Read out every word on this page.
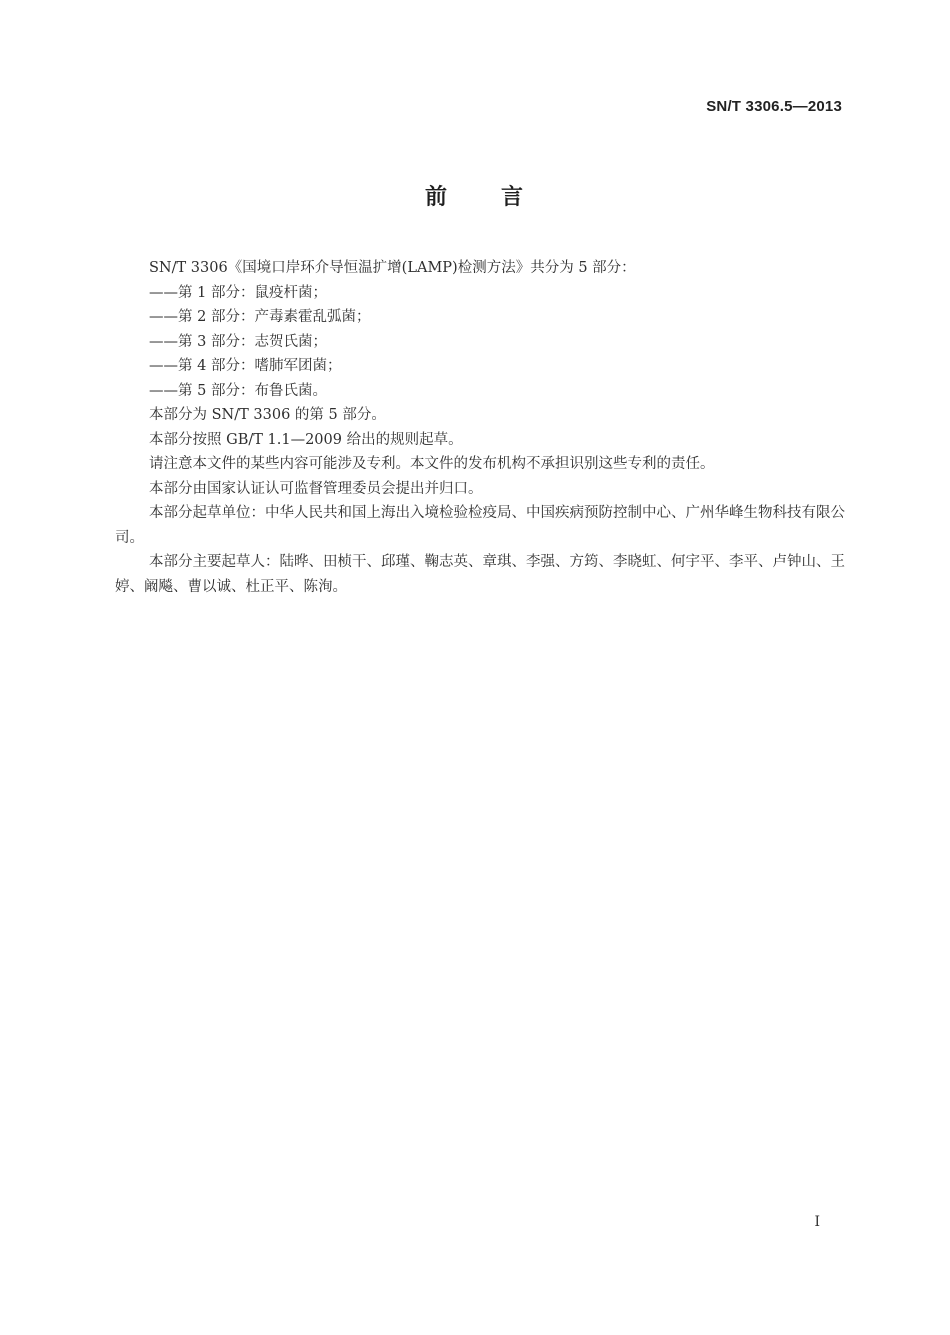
SN/T 3306.5—2013
前 言

SN/T 3306《国境口岸环介导恒温扩增(LAMP)检测方法》共分为 5 部分：

——第 1 部分：鼠疫杆菌；

——第 2 部分：产毒素霍乱弧菌；

——第 3 部分：志贺氏菌；

——第 4 部分：嗜肺军团菌；

——第 5 部分：布鲁氏菌。

本部分为 SN/T 3306 的第 5 部分。

本部分按照 GB/T 1.1—2009 给出的规则起草。

请注意本文件的某些内容可能涉及专利。本文件的发布机构不承担识别这些专利的责任。

本部分由国家认证认可监督管理委员会提出并归口。

本部分起草单位：中华人民共和国上海出入境检验检疫局、中国疾病预防控制中心、广州华峰生物科技有限公司。

本部分主要起草人：陆晔、田桢干、邱瑾、鞠志英、章琪、李强、方筠、李晓虹、何宇平、李平、卢钟山、王婷、阚飚、曹以诚、杜正平、陈洵。

I
